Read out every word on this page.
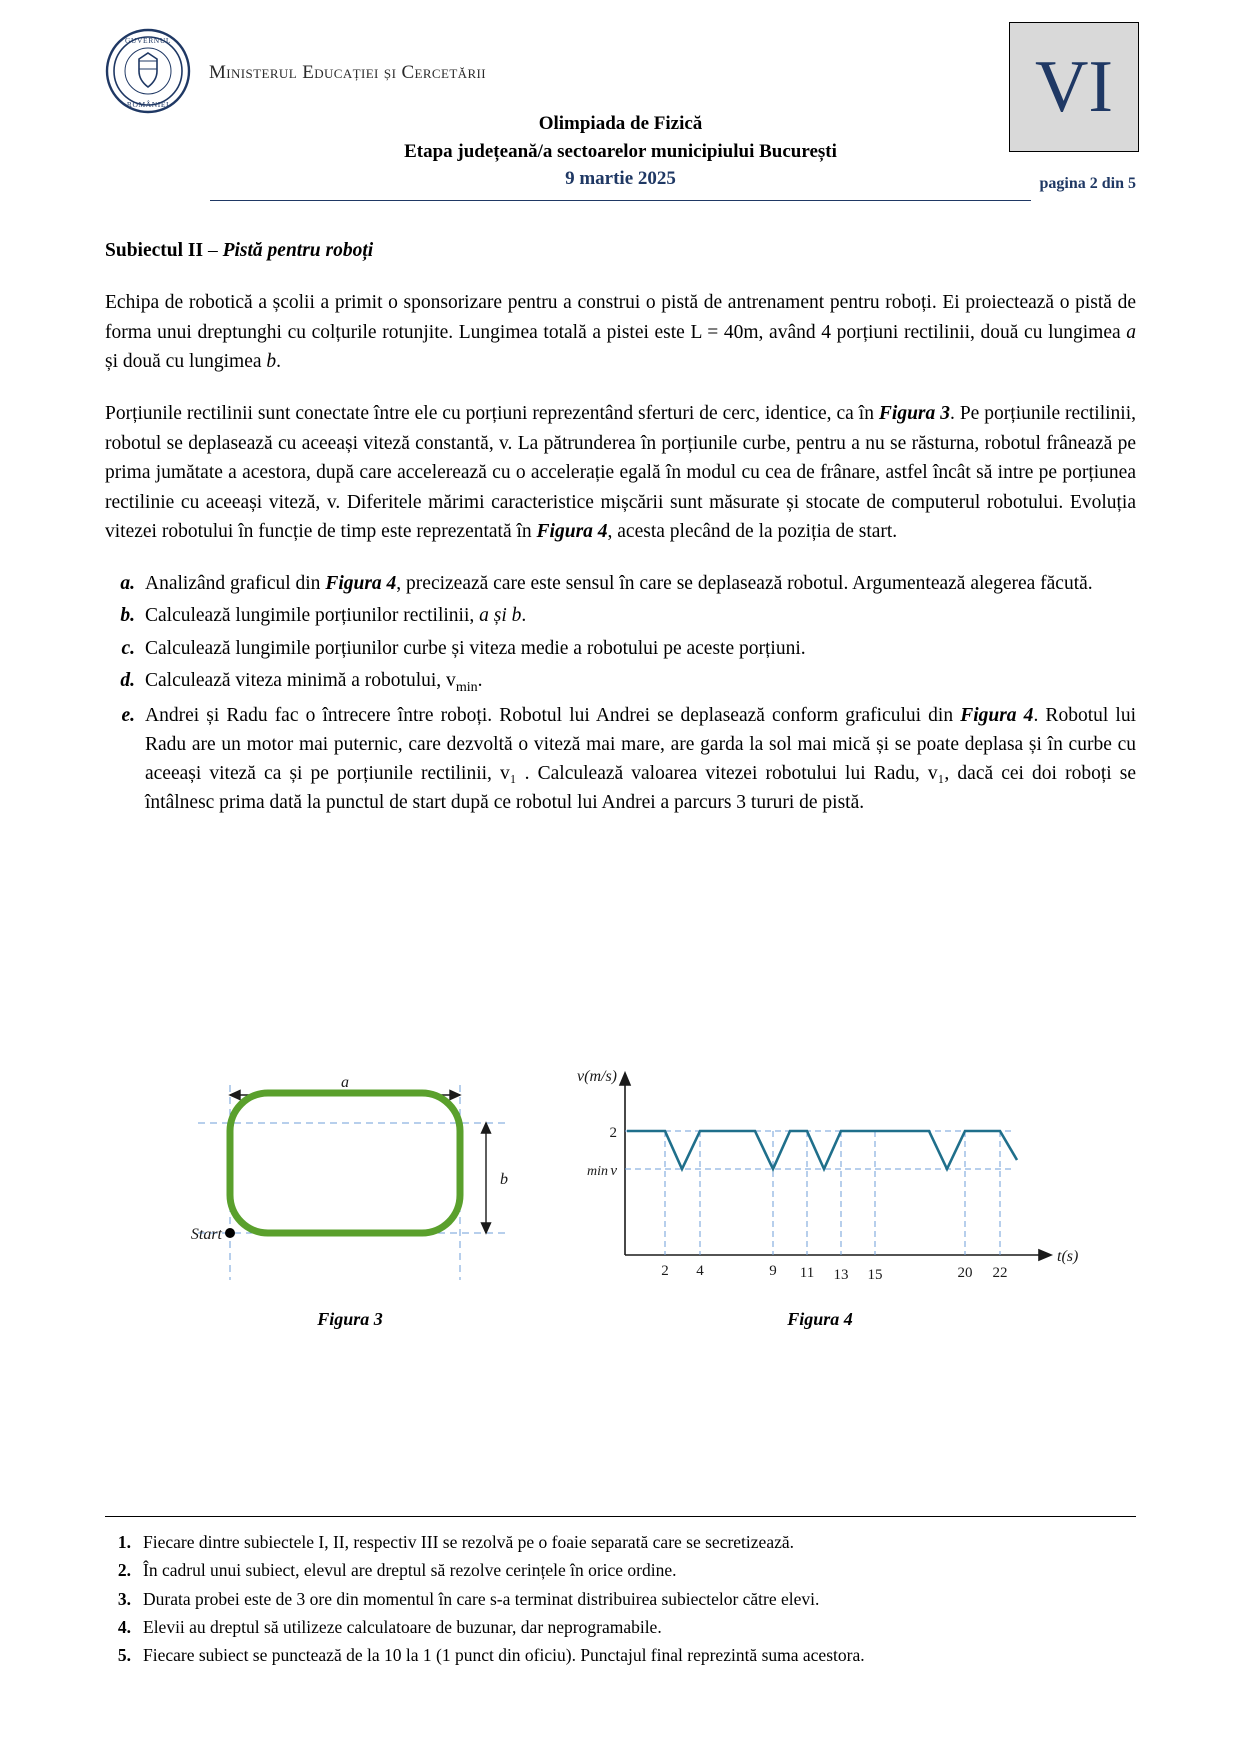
GUVERNUL
ROMÂNIEI
Ministerul Educației și Cercetării
Olimpiada de Fizică
Etapa județeană/a sectoarelor municipiului București
9 martie 2025
VI
pagina 2 din 5
Subiectul II – Pistă pentru roboți

Echipa de robotică a școlii a primit o sponsorizare pentru a construi o pistă de antrenament pentru roboți. Ei proiectează o pistă de forma unui dreptunghi cu colțurile rotunjite. Lungimea totală a pistei este L = 40m, având 4 porțiuni rectilinii, două cu lungimea a și două cu lungimea b.

Porțiunile rectilinii sunt conectate între ele cu porțiuni reprezentând sferturi de cerc, identice, ca în Figura 3. Pe porțiunile rectilinii, robotul se deplasează cu aceeași viteză constantă, v. La pătrunderea în porțiunile curbe, pentru a nu se răsturna, robotul frânează pe prima jumătate a acestora, după care accelerează cu o accelerație egală în modul cu cea de frânare, astfel încât să intre pe porțiunea rectilinie cu aceeași viteză, v. Diferitele mărimi caracteristice mișcării sunt măsurate și stocate de computerul robotului. Evoluția vitezei robotului în funcție de timp este reprezentată în Figura 4, acesta plecând de la poziția de start.

a. Analizând graficul din Figura 4, precizează care este sensul în care se deplasează robotul. Argumentează alegerea făcută.
b. Calculează lungimile porțiunilor rectilinii, a și b.
c. Calculează lungimile porțiunilor curbe și viteza medie a robotului pe aceste porțiuni.
d. Calculează viteza minimă a robotului, $v_{min}$.
e. Andrei și Radu fac o întrecere între roboți. Robotul lui Andrei se deplasează conform graficului din Figura 4. Robotul lui Radu are un motor mai puternic, care dezvoltă o viteză mai mare, are garda la sol mai mică și se poate deplasa și în curbe cu aceeași viteză ca și pe porțiunile rectilinii, v₁ . Calculează valoarea vitezei robotului lui Radu, v₁, dacă cei doi roboți se întâlnesc prima dată la punctul de start după ce robotul lui Andrei a parcurs 3 tururi de pistă.
a
b
Start
Figura 3
v(m/s)
t(s)
2
v
2 4	9 11 13 15	20 22
min
Figura 4
1. Fiecare dintre subiectele I, II, respectiv III se rezolvă pe o foaie separată care se secretizează.
2. În cadrul unui subiect, elevul are dreptul să rezolve cerințele în orice ordine.
3. Durata probei este de 3 ore din momentul în care s-a terminat distribuirea subiectelor către elevi.
4. Elevii au dreptul să utilizeze calculatoare de buzunar, dar neprogramabile.
5. Fiecare subiect se punctează de la 10 la 1 (1 punct din oficiu). Punctajul final reprezintă suma acestora.
